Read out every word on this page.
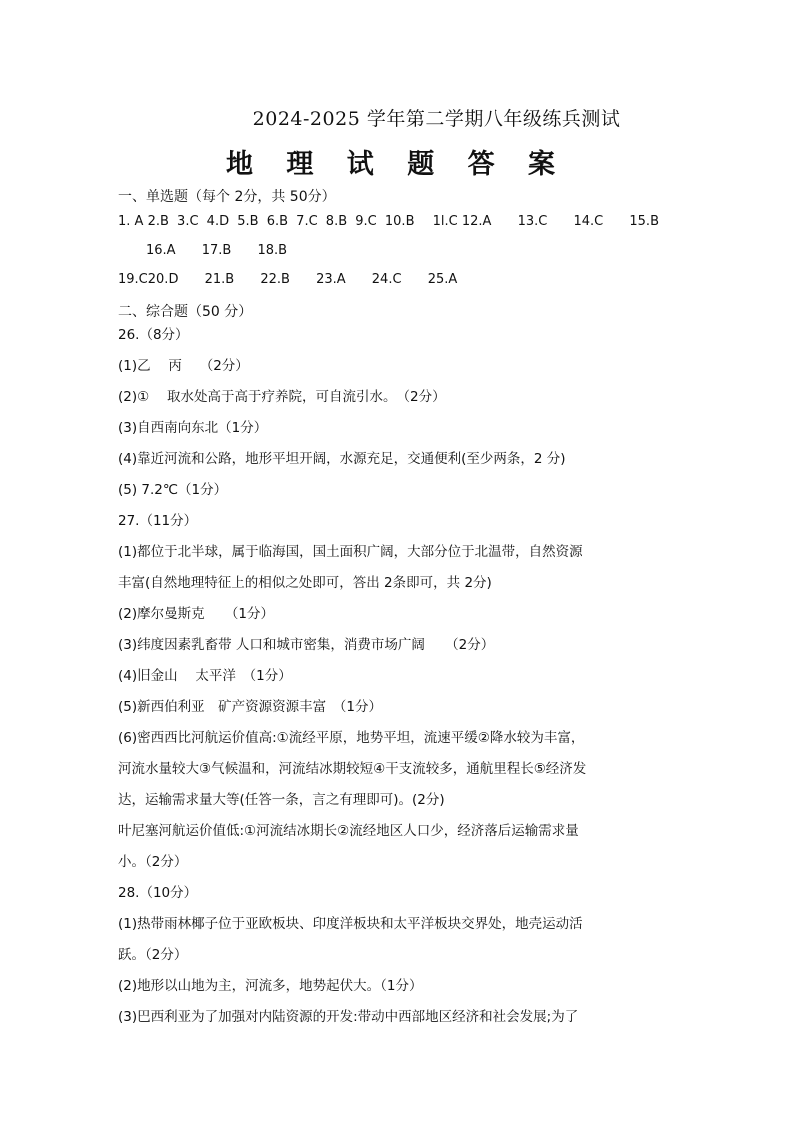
2024-2025 学年第二学期八年级练兵测试
地 理 试 题 答 案
一、单选题（每个 2分，共 50分）
1. A 2.B 3.C 4.D 5.B 6.B 7.C 8.B 9.C 10.B 1l.C 12.A 13.C 14.C 15.B
16.A 17.B 18.B
19.C20.D 21.B 22.B 23.A 24.C 25.A
二、综合题（50 分）
26.（8分）
(1)乙　 丙　 （2分）
(2)①　 取水处高于高于疗养院，可自流引水。　（2分）
(3)自西南向东北（1分）
(4)靠近河流和公路，地形平坦开阔，水源充足，交通便利(至少两条，2 分)
(5) 7.2℃（1分）
27.（11分）
(1)都位于北半球，属于临海国，国土面积广阔，大部分位于北温带，自然资源
丰富(自然地理特征上的相似之处即可，答出 2条即可，共 2分)
(2)摩尔曼斯克　　（1分）
(3)纬度因素乳畜带 人口和城市密集，消费市场广阔　　（2分）
(4)旧金山　 太平洋　（1分）
(5)新西伯利亚　矿产资源资源丰富　（1分）
(6)密西西比河航运价值高:①流经平原，地势平坦，流速平缓②降水较为丰富，
河流水量较大③气候温和，河流结冰期较短④干支流较多，通航里程长⑤经济发
达，运输需求量大等(任答一条，言之有理即可)。(2分)
叶尼塞河航运价值低:①河流结冰期长②流经地区人口少，经济落后运输需求量
小。（2分）
28.（10分）
(1)热带雨林椰子位于亚欧板块、印度洋板块和太平洋板块交界处，地壳运动活
跃。（2分）
(2)地形以山地为主，河流多，地势起伏大。（1分）
(3)巴西利亚为了加强对内陆资源的开发:带动中西部地区经济和社会发展;为了
